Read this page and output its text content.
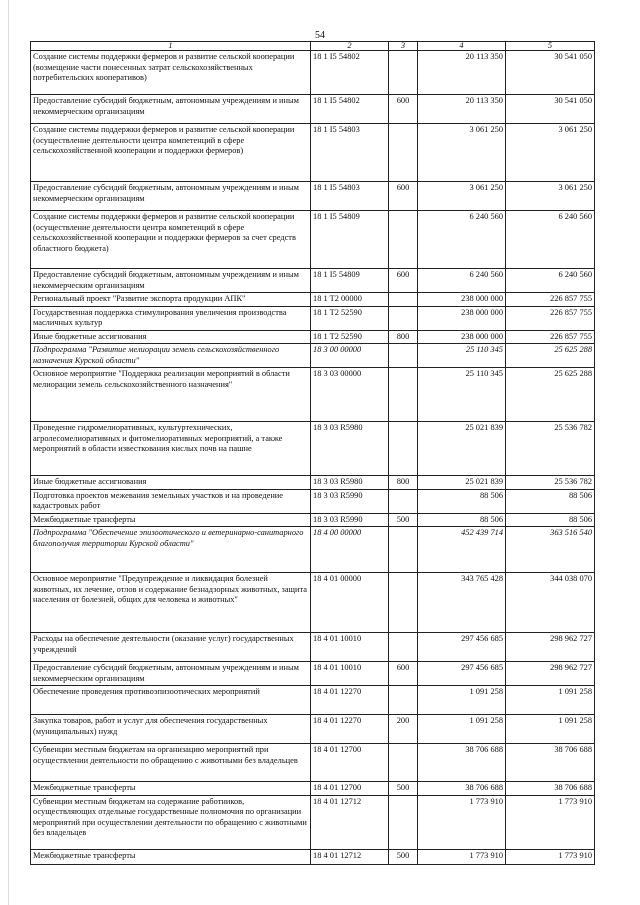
54
1	2	3	4	5
Создание системы поддержки фермеров и развитие сельской кооперации (возмещение части понесенных затрат сельскохозяйственных потребительских кооперативов)	18 1 I5 54802		20 113 350	30 541 050
Предоставление субсидий бюджетным, автономным учреждениям и иным некоммерческим организациям	18 1 I5 54802	600	20 113 350	30 541 050
Создание системы поддержки фермеров и развитие сельской кооперации (осуществление деятельности центра компетенций в сфере сельскохозяйственной кооперации и поддержки фермеров)	18 1 I5 54803		3 061 250	3 061 250
Предоставление субсидий бюджетным, автономным учреждениям и иным некоммерческим организациям	18 1 I5 54803	600	3 061 250	3 061 250
Создание системы поддержки фермеров и развитие сельской кооперации (осуществление деятельности центра компетенций в сфере сельскохозяйственной кооперации и поддержки фермеров за счет средств областного бюджета)	18 1 I5 54809		6 240 560	6 240 560
Предоставление субсидий бюджетным, автономным учреждениям и иным некоммерческим организациям	18 1 I5 54809	600	6 240 560	6 240 560
Региональный проект "Развитие экспорта продукции АПК"	18 1 T2 00000		238 000 000	226 857 755
Государственная поддержка стимулирования увеличения производства масличных культур	18 1 T2 52590		238 000 000	226 857 755
Иные бюджетные ассигнования	18 1 T2 52590	800	238 000 000	226 857 755
Подпрограмма "Развитие мелиорации земель сельскохозяйственного назначения Курской области"	18 3 00 00000		25 110 345	25 625 288
Основное мероприятие "Поддержка реализации мероприятий в области мелиорации земель сельскохозяйственного назначения"	18 3 03 00000		25 110 345	25 625 288
Проведение гидромелиоративных, культуртехнических, агролесомелиоративных и фитомелиоративных мероприятий, а также мероприятий в области известкования кислых почв на пашне	18 3 03 R5980		25 021 839	25 536 782
Иные бюджетные ассигнования	18 3 03 R5980	800	25 021 839	25 536 782
Подготовка проектов межевания земельных участков и на проведение кадастровых работ	18 3 03 R5990		88 506	88 506
Межбюджетные трансферты	18 3 03 R5990	500	88 506	88 506
Подпрограмма "Обеспечение эпизоотического и ветеринарно-санитарного благополучия территории Курской области"	18 4 00 00000		452 439 714	363 516 540
Основное мероприятие "Предупреждение и ликвидация болезней животных, их лечение, отлов и содержание безнадзорных животных, защита населения от болезней, общих для человека и животных"	18 4 01 00000		343 765 428	344 038 070
Расходы на обеспечение деятельности (оказание услуг) государственных учреждений	18 4 01 10010		297 456 685	298 962 727
Предоставление субсидий бюджетным, автономным учреждениям и иным некоммерческим организациям	18 4 01 10010	600	297 456 685	298 962 727
Обеспечение проведения противоэпизоотических мероприятий	18 4 01 12270		1 091 258	1 091 258
Закупка товаров, работ и услуг для обеспечения государственных (муниципальных) нужд	18 4 01 12270	200	1 091 258	1 091 258
Субвенции местным бюджетам на организацию мероприятий при осуществлении деятельности по обращению с животными без владельцев	18 4 01 12700		38 706 688	38 706 688
Межбюджетные трансферты	18 4 01 12700	500	38 706 688	38 706 688
Субвенции местным бюджетам на содержание работников, осуществляющих отдельные государственные полномочия по организации мероприятий при осуществлении деятельности по обращению с животными без владельцев	18 4 01 12712		1 773 910	1 773 910
Межбюджетные трансферты	18 4 01 12712	500	1 773 910	1 773 910
